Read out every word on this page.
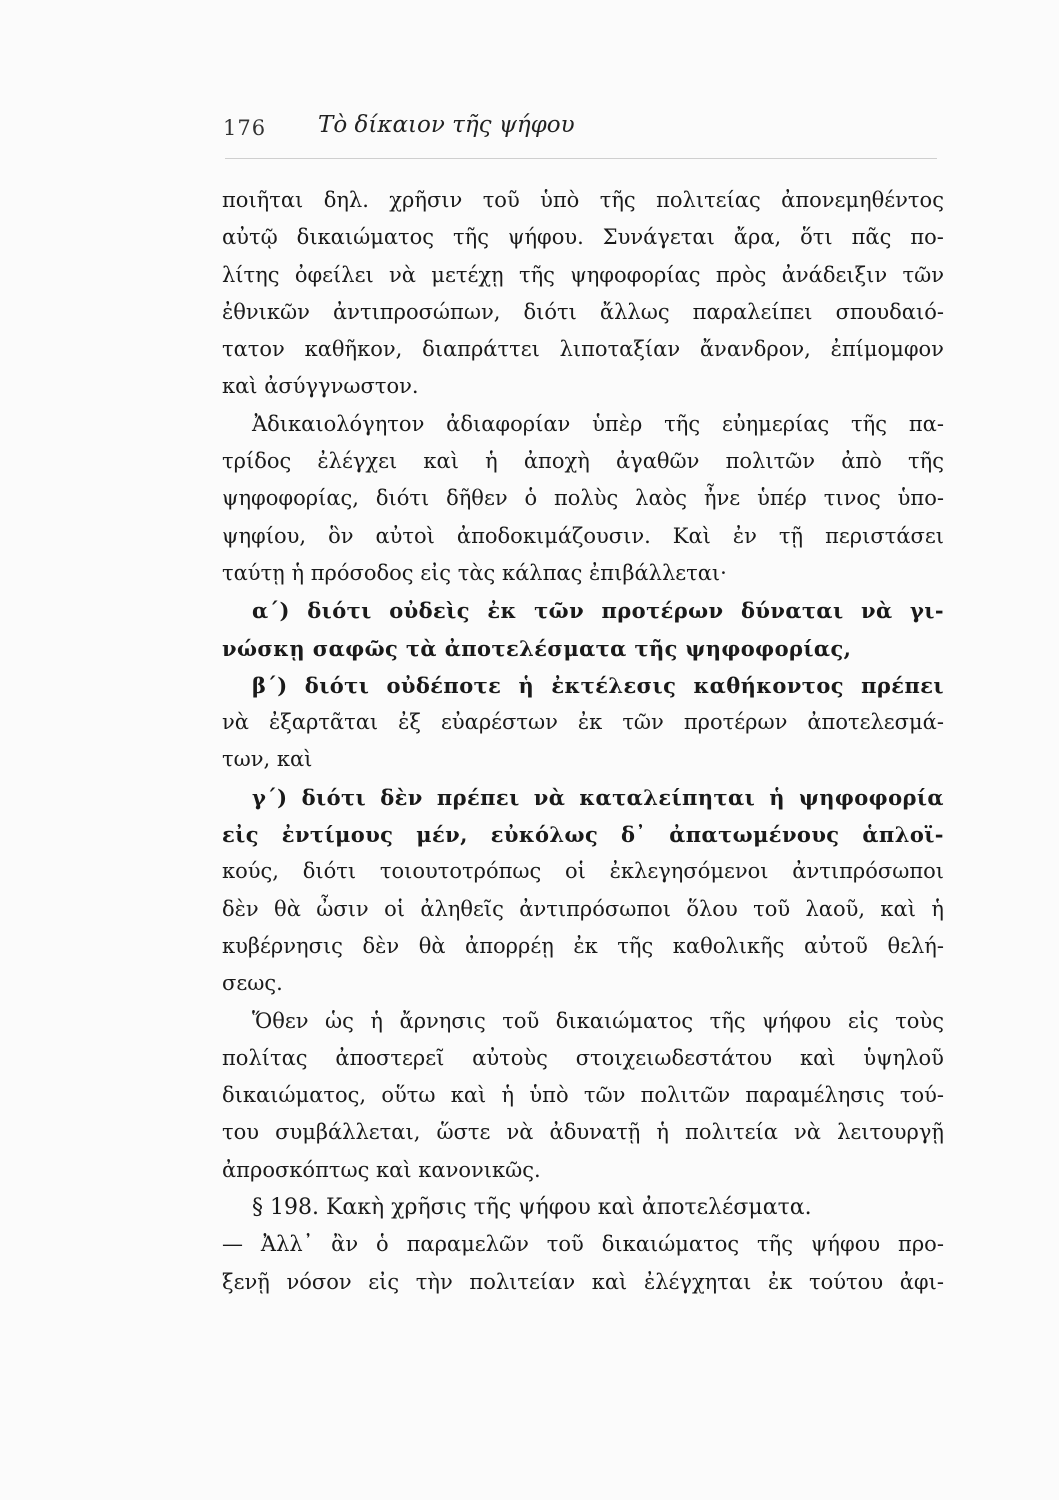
176 Τὸ δίκαιον τῆς ψήφου
ποιῆται δηλ. χρῆσιν τοῦ ὑπὸ τῆς πολιτείας ἀπονεμηθέντος
αὐτῷ δικαιώματος τῆς ψήφου. Συνάγεται ἄρα, ὅτι πᾶς πο-
λίτης ὀφείλει νὰ μετέχῃ τῆς ψηφοφορίας πρὸς ἀνάδειξιν τῶν
ἐθνικῶν ἀντιπροσώπων, διότι ἄλλως παραλείπει σπουδαιό-
τατον καθῆκον, διαπράττει λιποταξίαν ἄνανδρον, ἐπίμομφον
καὶ ἀσύγγνωστον.
Ἀδικαιολόγητον ἀδιαφορίαν ὑπὲρ τῆς εὐημερίας τῆς πα-
τρίδος ἐλέγχει καὶ ἡ ἀποχὴ ἀγαθῶν πολιτῶν ἀπὸ τῆς
ψηφοφορίας, διότι δῆθεν ὁ πολὺς λαὸς ἦνε ὑπέρ τινος ὑπο-
ψηφίου, ὃν αὐτοὶ ἀποδοκιμάζουσιν. Καὶ ἐν τῇ περιστάσει
ταύτῃ ἡ πρόσοδος εἰς τὰς κάλπας ἐπιβάλλεται·
α΄) διότι οὐδεὶς ἐκ τῶν προτέρων δύναται νὰ γι-
νώσκῃ σαφῶς τὰ ἀποτελέσματα τῆς ψηφοφορίας,
β΄) διότι οὐδέποτε ἡ ἐκτέλεσις καθήκοντος πρέπει
νὰ ἐξαρτᾶται ἐξ εὐαρέστων ἐκ τῶν προτέρων ἀποτελεσμά-
των, καὶ
γ΄) διότι δὲν πρέπει νὰ καταλείπηται ἡ ψηφοφορία
εἰς ἐντίμους μέν, εὐκόλως δ᾿ ἀπατωμένους ἁπλοϊ-
κούς, διότι τοιουτοτρόπως οἱ ἐκλεγησόμενοι ἀντιπρόσωποι
δὲν θὰ ὦσιν οἱ ἀληθεῖς ἀντιπρόσωποι ὅλου τοῦ λαοῦ, καὶ ἡ
κυβέρνησις δὲν θὰ ἀπορρέῃ ἐκ τῆς καθολικῆς αὐτοῦ θελή-
σεως.
Ὅθεν ὡς ἡ ἄρνησις τοῦ δικαιώματος τῆς ψήφου εἰς τοὺς
πολίτας ἀποστερεῖ αὐτοὺς στοιχειωδεστάτου καὶ ὑψηλοῦ
δικαιώματος, οὕτω καὶ ἡ ὑπὸ τῶν πολιτῶν παραμέλησις τού-
του συμβάλλεται, ὥστε νὰ ἀδυνατῇ ἡ πολιτεία νὰ λειτουργῇ
ἀπροσκόπτως καὶ κανονικῶς.
§ 198. Κακὴ χρῆσις τῆς ψήφου καὶ ἀποτελέσματα.
— Ἀλλ᾿ ἂν ὁ παραμελῶν τοῦ δικαιώματος τῆς ψήφου προ-
ξενῇ νόσον εἰς τὴν πολιτείαν καὶ ἐλέγχηται ἐκ τούτου ἀφι-
